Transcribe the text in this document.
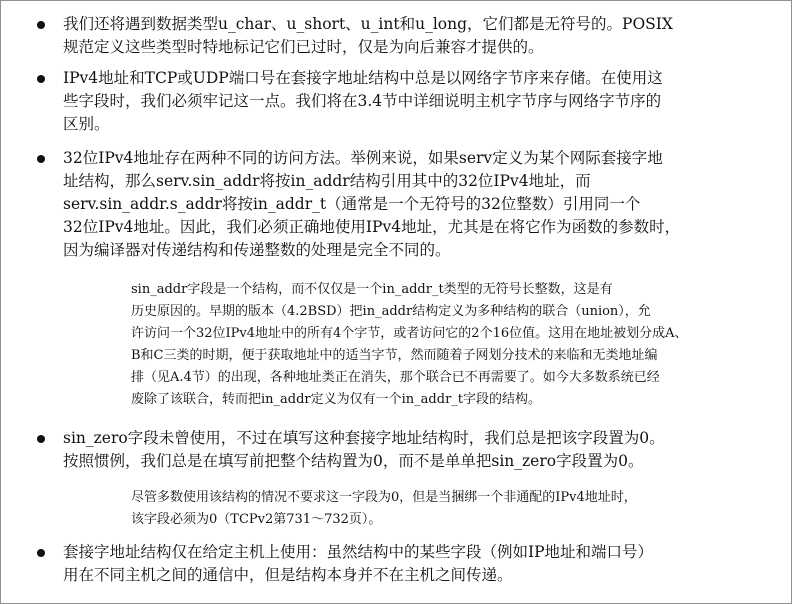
我们还将遇到数据类型u_char、u_short、u_int和u_long，它们都是无符号的。POSIX
规范定义这些类型时特地标记它们已过时，仅是为向后兼容才提供的。
IPv4地址和TCP或UDP端口号在套接字地址结构中总是以网络字节序来存储。在使用这
些字段时，我们必须牢记这一点。我们将在3.4节中详细说明主机字节序与网络字节序的
区别。
32位IPv4地址存在两种不同的访问方法。举例来说，如果serv定义为某个网际套接字地
址结构，那么serv.sin_addr将按in_addr结构引用其中的32位IPv4地址，而
serv.sin_addr.s_addr将按in_addr_t（通常是一个无符号的32位整数）引用同一个
32位IPv4地址。因此，我们必须正确地使用IPv4地址，尤其是在将它作为函数的参数时，
因为编译器对传递结构和传递整数的处理是完全不同的。
sin_addr字段是一个结构，而不仅仅是一个in_addr_t类型的无符号长整数，这是有
历史原因的。早期的版本（4.2BSD）把in_addr结构定义为多种结构的联合（union），允
许访问一个32位IPv4地址中的所有4个字节，或者访问它的2个16位值。这用在地址被划分成A、
B和C三类的时期，便于获取地址中的适当字节，然而随着子网划分技术的来临和无类地址编
排（见A.4节）的出现，各种地址类正在消失，那个联合已不再需要了。如今大多数系统已经
废除了该联合，转而把in_addr定义为仅有一个in_addr_t字段的结构。
sin_zero字段未曾使用，不过在填写这种套接字地址结构时，我们总是把该字段置为0。
按照惯例，我们总是在填写前把整个结构置为0，而不是单单把sin_zero字段置为0。
尽管多数使用该结构的情况不要求这一字段为0，但是当捆绑一个非通配的IPv4地址时，
该字段必须为0（TCPv2第731～732页）。
套接字地址结构仅在给定主机上使用：虽然结构中的某些字段（例如IP地址和端口号）
用在不同主机之间的通信中，但是结构本身并不在主机之间传递。
